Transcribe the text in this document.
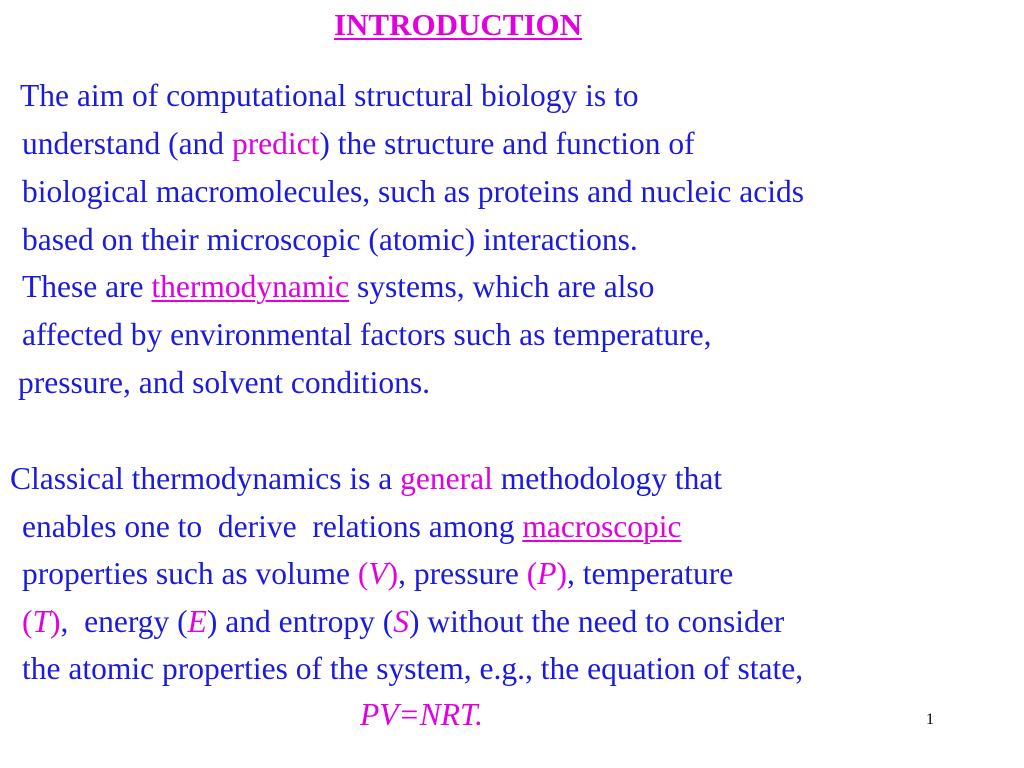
INTRODUCTION
The aim of computational structural biology is to
understand (and predict) the structure and function of
biological macromolecules, such as proteins and nucleic acids
based on their microscopic (atomic) interactions.
These are thermodynamic systems, which are also
affected by environmental factors such as temperature,
pressure, and solvent conditions.
Classical thermodynamics is a general methodology that
enables one to  derive  relations among macroscopic
properties such as volume (V), pressure (P), temperature
(T),  energy (E) and entropy (S) without the need to consider
the atomic properties of the system, e.g., the equation of state,
PV=NRT.	1
